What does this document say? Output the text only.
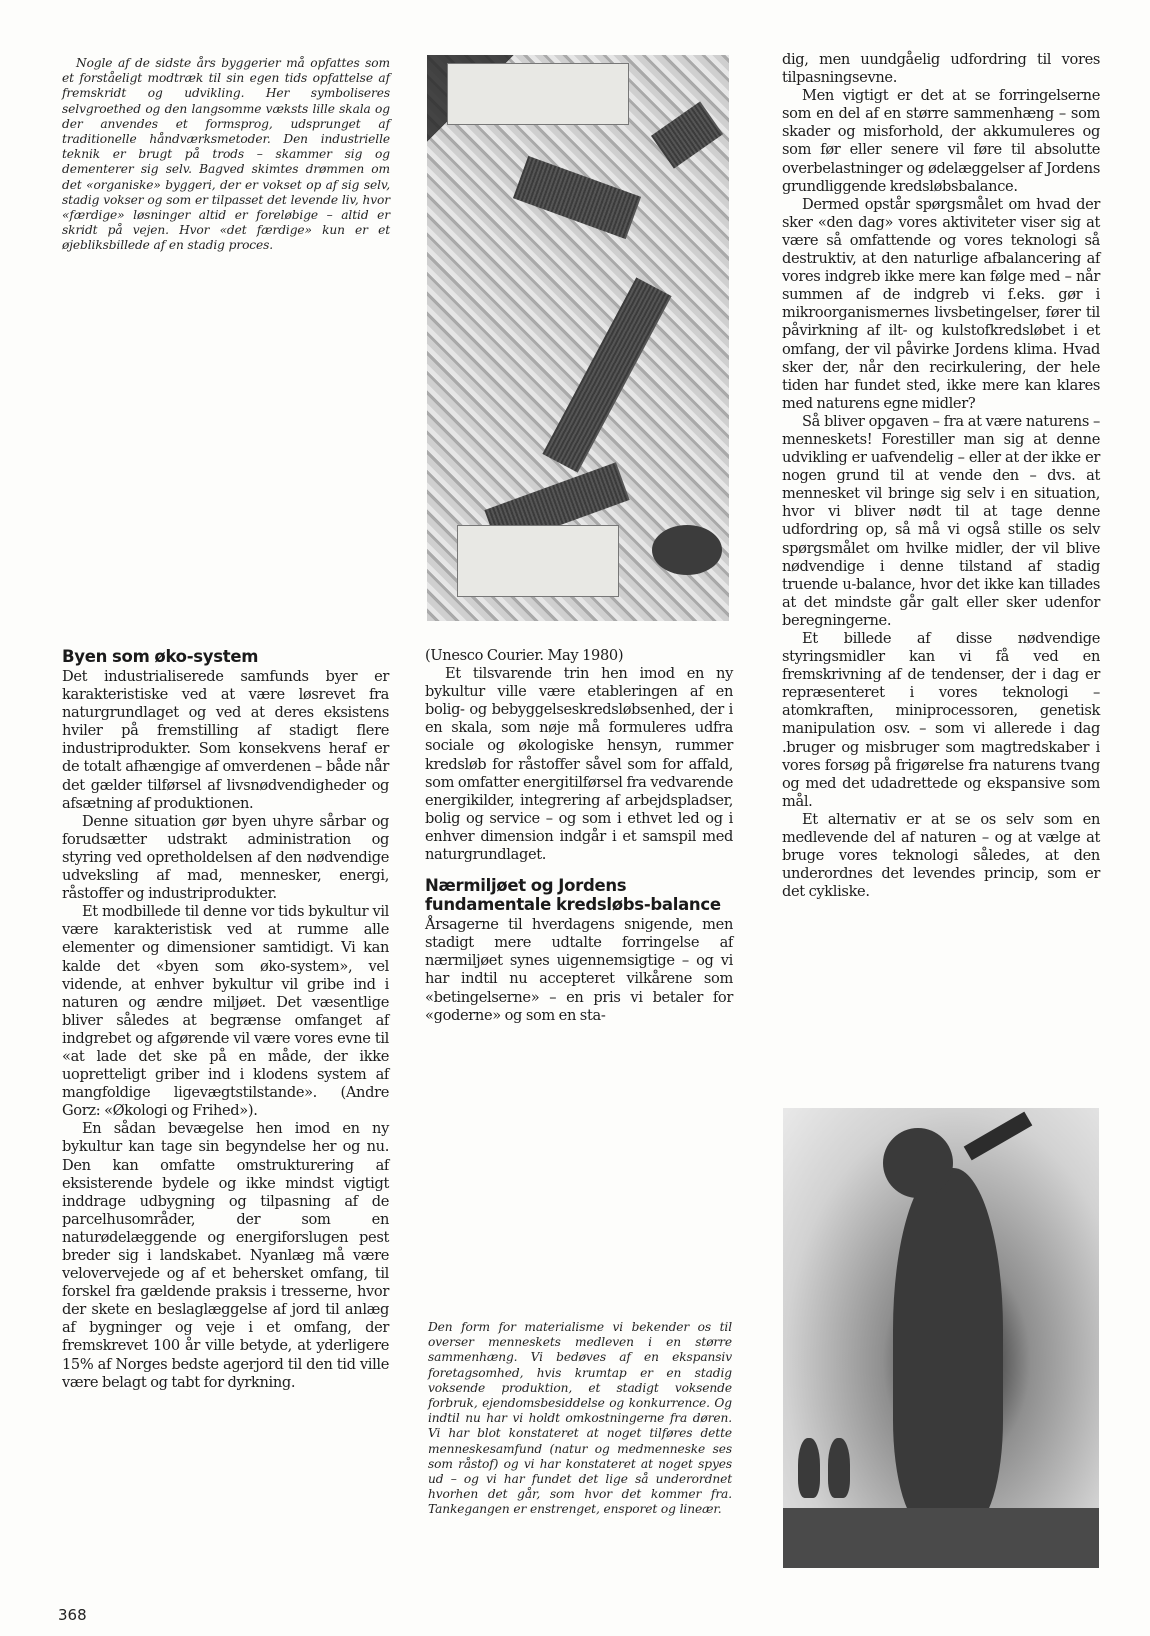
Nogle af de sidste års byggerier må opfattes som et forståeligt modtræk til sin egen tids opfattelse af fremskridt og udvikling. Her symboliseres selvgroethed og den langsomme væksts lille skala og der anvendes et formsprog, udsprunget af traditionelle håndværksmetoder. Den industrielle teknik er brugt på trods – skammer sig og dementerer sig selv. Bagved skimtes drømmen om det «organiske» byggeri, der er vokset op af sig selv, stadig vokser og som er tilpasset det levende liv, hvor «færdige» løsninger altid er foreløbige – altid er skridt på vejen. Hvor «det færdige» kun er et øjebliksbillede af en stadig proces.

Byen som øko-system

Det industrialiserede samfunds byer er karakteristiske ved at være løsrevet fra naturgrundlaget og ved at deres eksistens hviler på fremstilling af stadigt flere industriprodukter. Som konsekvens heraf er de totalt afhængige af omverdenen – både når det gælder tilførsel af livsnødvendigheder og afsætning af produktionen.

Denne situation gør byen uhyre sårbar og forudsætter udstrakt administration og styring ved opretholdelsen af den nødvendige udveksling af mad, mennesker, energi, råstoffer og industriprodukter.

Et modbillede til denne vor tids bykultur vil være karakteristisk ved at rumme alle elementer og dimensioner samtidigt. Vi kan kalde det «byen som øko-system», vel vidende, at enhver bykultur vil gribe ind i naturen og ændre miljøet. Det væsentlige bliver således at begrænse omfanget af indgrebet og afgørende vil være vores evne til «at lade det ske på en måde, der ikke uopretteligt griber ind i klodens system af mangfoldige ligevægtstilstande». (Andre Gorz: «Økologi og Frihed»).

En sådan bevægelse hen imod en ny bykultur kan tage sin begyndelse her og nu. Den kan omfatte omstrukturering af eksisterende bydele og ikke mindst vigtigt inddrage udbygning og tilpasning af de parcelhusområder, der som en naturødelæggende og energiforslugen pest breder sig i landskabet. Nyanlæg må være velovervejede og af et behersket omfang, til forskel fra gældende praksis i tresserne, hvor der skete en beslaglæggelse af jord til anlæg af bygninger og veje i et omfang, der fremskrevet 100 år ville betyde, at yderligere 15% af Norges bedste agerjord til den tid ville være belagt og tabt for dyrkning.

(Unesco Courier. May 1980)

Et tilsvarende trin hen imod en ny bykultur ville være etableringen af en bolig- og bebyggelseskredsløbsenhed, der i en skala, som nøje må formuleres udfra sociale og økologiske hensyn, rummer kredsløb for råstoffer såvel som for affald, som omfatter energitilførsel fra vedvarende energikilder, integrering af arbejdspladser, bolig og service – og som i ethvet led og i enhver dimension indgår i et samspil med naturgrundlaget.

Nærmiljøet og Jordens
fundamentale kredsløbs-balance

Årsagerne til hverdagens snigende, men stadigt mere udtalte forringelse af nærmiljøet synes uigennemsigtige – og vi har indtil nu accepteret vilkårene som «betingelserne» – en pris vi betaler for «goderne» og som en sta-

Den form for materialisme vi bekender os til overser menneskets medleven i en større sammenhæng. Vi bedøves af en ekspansiv foretagsomhed, hvis krumtap er en stadig voksende produktion, et stadigt voksende forbruk, ejendomsbesiddelse og konkurrence. Og indtil nu har vi holdt omkostningerne fra døren. Vi har blot konstateret at noget tilføres dette menneskesamfund (natur og medmenneske ses som råstof) og vi har konstateret at noget spyes ud – og vi har fundet det lige så underordnet hvorhen det går, som hvor det kommer fra. Tankegangen er enstrenget, ensporet og lineær.

dig, men uundgåelig udfordring til vores tilpasningsevne.

Men vigtigt er det at se forringelserne som en del af en større sammenhæng – som skader og misforhold, der akkumuleres og som før eller senere vil føre til absolutte overbelastninger og ødelæggelser af Jordens grundliggende kredsløbsbalance.

Dermed opstår spørgsmålet om hvad der sker «den dag» vores aktiviteter viser sig at være så omfattende og vores teknologi så destruktiv, at den naturlige afbalancering af vores indgreb ikke mere kan følge med – når summen af de indgreb vi f.eks. gør i mikroorganismernes livsbetingelser, fører til påvirkning af ilt- og kulstofkredsløbet i et omfang, der vil påvirke Jordens klima. Hvad sker der, når den recirkulering, der hele tiden har fundet sted, ikke mere kan klares med naturens egne midler?

Så bliver opgaven – fra at være naturens – menneskets! Forestiller man sig at denne udvikling er uafvendelig – eller at der ikke er nogen grund til at vende den – dvs. at mennesket vil bringe sig selv i en situation, hvor vi bliver nødt til at tage denne udfordring op, så må vi også stille os selv spørgsmålet om hvilke midler, der vil blive nødvendige i denne tilstand af stadig truende u-balance, hvor det ikke kan tillades at det mindste går galt eller sker udenfor beregningerne.

Et billede af disse nødvendige styringsmidler kan vi få ved en fremskrivning af de tendenser, der i dag er repræsenteret i vores teknologi – atomkraften, miniprocessoren, genetisk manipulation osv. – som vi allerede i dag .bruger og misbruger som magtredskaber i vores forsøg på frigørelse fra naturens tvang og med det udadrettede og ekspansive som mål.

Et alternativ er at se os selv som en medlevende del af naturen – og at vælge at bruge vores teknologi således, at den underordnes det levendes princip, som er det cykliske.

368
